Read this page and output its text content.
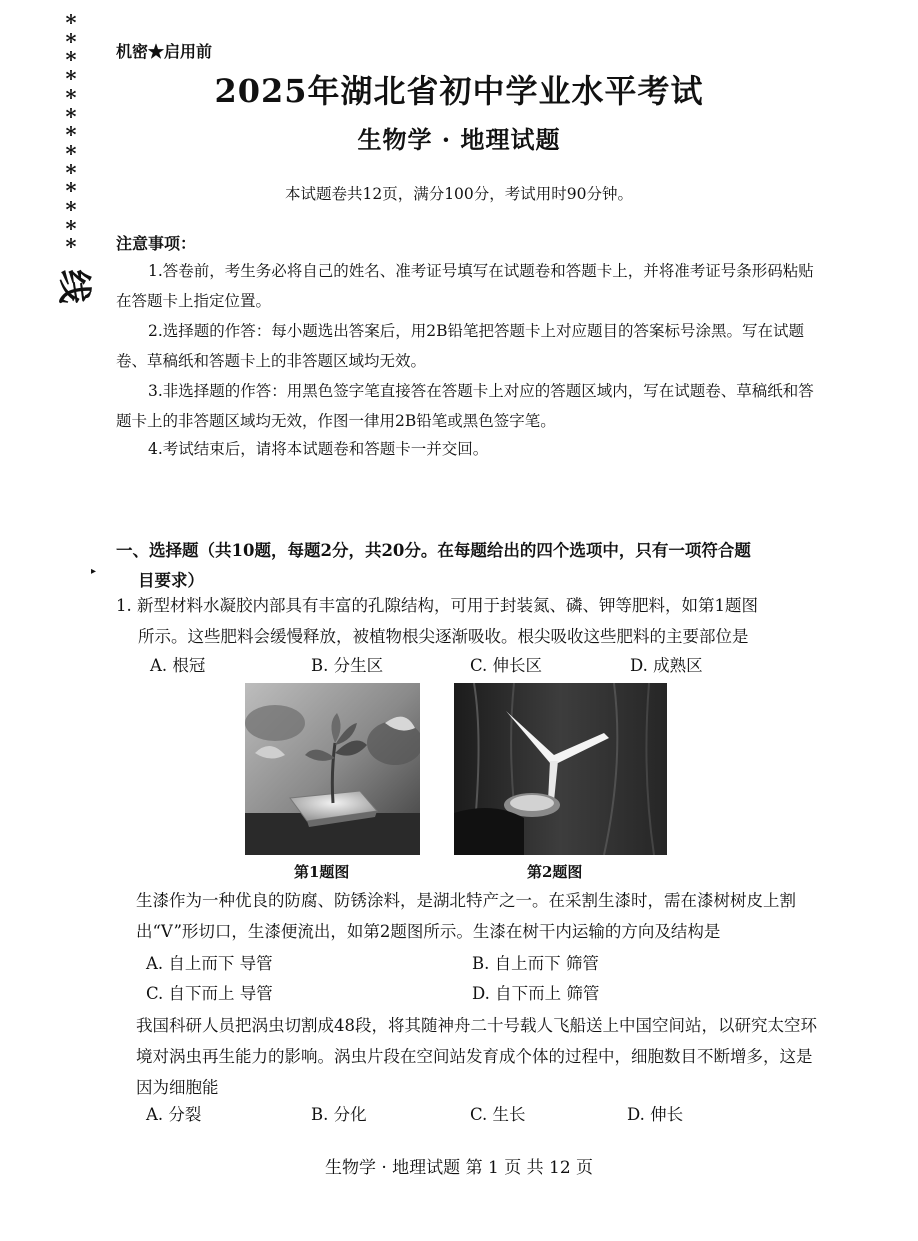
*
*
*
*
*
*
*
*
*
*
*
*
*
线
机密★启用前
2025年湖北省初中学业水平考试
生物学 · 地理试题
本试题卷共12页，满分100分，考试用时90分钟。
注意事项：
1.答卷前，考生务必将自己的姓名、准考证号填写在试题卷和答题卡上，并将准考证号条形码粘贴在答题卡上指定位置。
2.选择题的作答：每小题选出答案后，用2B铅笔把答题卡上对应题目的答案标号涂黑。写在试题卷、草稿纸和答题卡上的非答题区域均无效。
3.非选择题的作答：用黑色签字笔直接答在答题卡上对应的答题区域内，写在试题卷、草稿纸和答题卡上的非答题区域均无效，作图一律用2B铅笔或黑色签字笔。
4.考试结束后，请将本试题卷和答题卡一并交回。
一、选择题（共10题，每题2分，共20分。在每题给出的四个选项中，只有一项符合题
目要求）
▸
1. 新型材料水凝胶内部具有丰富的孔隙结构，可用于封装氮、磷、钾等肥料，如第1题图
所示。这些肥料会缓慢释放，被植物根尖逐渐吸收。根尖吸收这些肥料的主要部位是
A. 根冠	B. 分生区	C. 伸长区	D. 成熟区
第1题图	第2题图
生漆作为一种优良的防腐、防锈涂料，是湖北特产之一。在采割生漆时，需在漆树树皮上割出“V”形切口，生漆便流出，如第2题图所示。生漆在树干内运输的方向及结构是
A. 自上而下 导管	B. 自上而下 筛管
C. 自下而上 导管	D. 自下而上 筛管
我国科研人员把涡虫切割成48段，将其随神舟二十号载人飞船送上中国空间站，以研究太空环境对涡虫再生能力的影响。涡虫片段在空间站发育成个体的过程中，细胞数目不断增多，这是因为细胞能
A. 分裂	B. 分化	C. 生长	D. 伸长
生物学 · 地理试题 第 1 页 共 12 页
